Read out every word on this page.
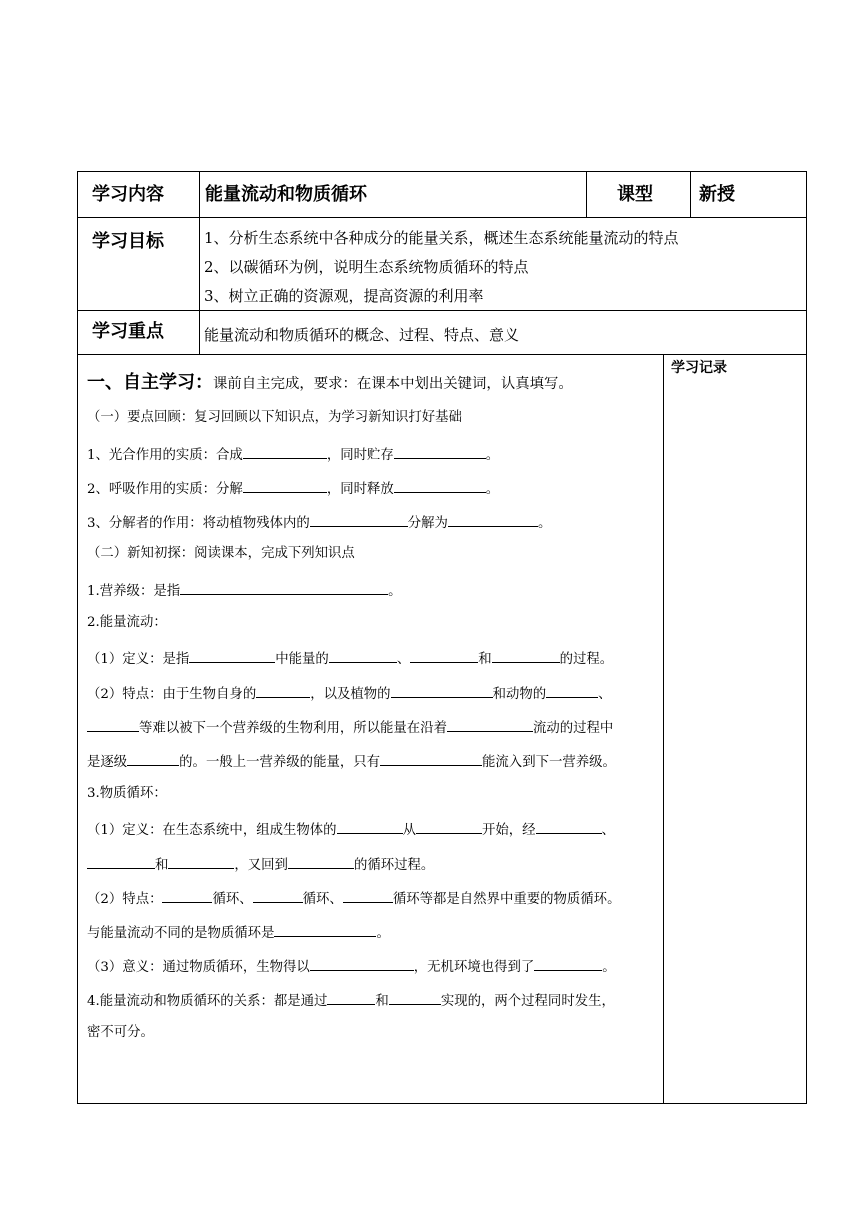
学习内容 能量流动和物质循环	课型	新授
学习目标	1、分析生态系统中各种成分的能量关系，概述生态系统能量流动的特点
2、以碳循环为例，说明生态系统物质循环的特点
3、树立正确的资源观，提高资源的利用率
学习重点	能量流动和物质循环的概念、过程、特点、意义
学习记录
一、自主学习：课前自主完成，要求：在课本中划出关键词，认真填写。
（一）要点回顾：复习回顾以下知识点，为学习新知识打好基础
1、光合作用的实质：合成	，同时贮存	。
2、呼吸作用的实质：分解	，同时释放	。
3、分解者的作用：将动植物残体内的	分解为	。
（二）新知初探：阅读课本，完成下列知识点
1.营养级：是指	。
2.能量流动：
（1）定义：是指	中能量的	、	和	的过程。
（2）特点：由于生物自身的	，以及植物的	和动物的	、
等难以被下一个营养级的生物利用，所以能量在沿着	流动的过程中
是逐级	的。一般上一营养级的能量，只有	能流入到下一营养级。
3.物质循环：
（1）定义：在生态系统中，组成生物体的	从	开始，经	、
和	，又回到	的循环过程。
（2）特点：	循环、	循环、	循环等都是自然界中重要的物质循环。
与能量流动不同的是物质循环是	。
（3）意义：通过物质循环，生物得以	，无机环境也得到了	。
4.能量流动和物质循环的关系：都是通过	和	实现的，两个过程同时发生，
密不可分。
